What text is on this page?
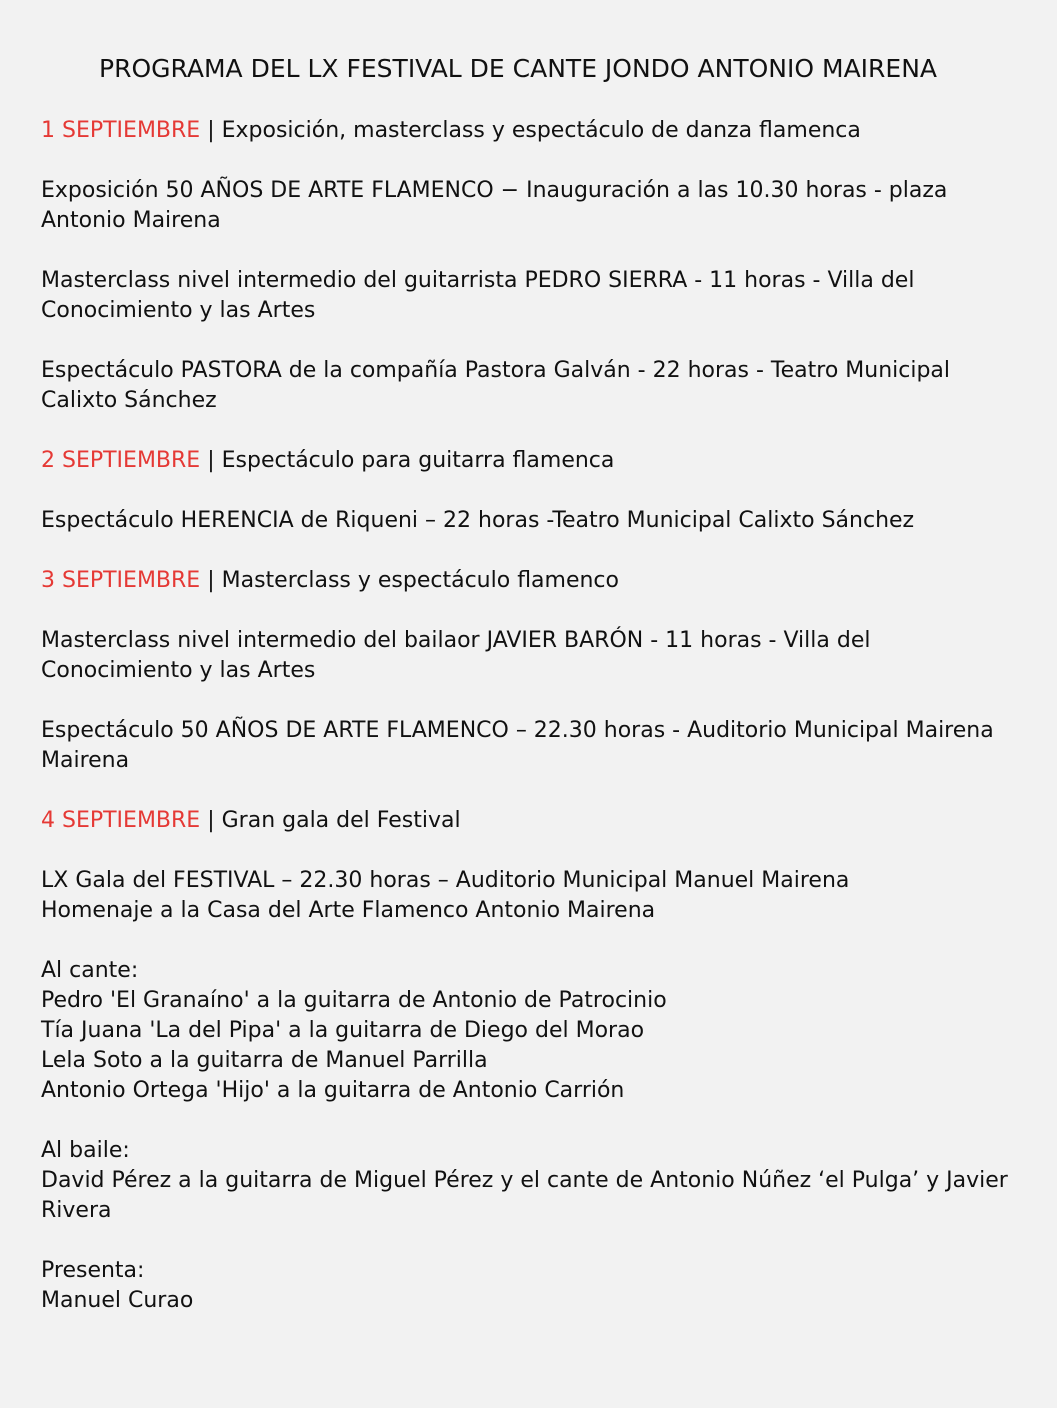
PROGRAMA DEL LX FESTIVAL DE CANTE JONDO ANTONIO MAIRENA

1 SEPTIEMBRE | Exposición, masterclass y espectáculo de danza flamenca

Exposición 50 AÑOS DE ARTE FLAMENCO − Inauguración a las 10.30 horas - plaza
Antonio Mairena

Masterclass nivel intermedio del guitarrista PEDRO SIERRA - 11 horas - Villa del
Conocimiento y las Artes

Espectáculo PASTORA de la compañía Pastora Galván - 22 horas - Teatro Municipal
Calixto Sánchez

2 SEPTIEMBRE | Espectáculo para guitarra flamenca

Espectáculo HERENCIA de Riqueni – 22 horas -Teatro Municipal Calixto Sánchez

3 SEPTIEMBRE | Masterclass y espectáculo flamenco

Masterclass nivel intermedio del bailaor JAVIER BARÓN - 11 horas - Villa del
Conocimiento y las Artes

Espectáculo 50 AÑOS DE ARTE FLAMENCO – 22.30 horas - Auditorio Municipal Mairena
Mairena

4 SEPTIEMBRE | Gran gala del Festival

LX Gala del FESTIVAL – 22.30 horas – Auditorio Municipal Manuel Mairena
Homenaje a la Casa del Arte Flamenco Antonio Mairena

Al cante:
Pedro 'El Granaíno' a la guitarra de Antonio de Patrocinio
Tía Juana 'La del Pipa' a la guitarra de Diego del Morao
Lela Soto a la guitarra de Manuel Parrilla
Antonio Ortega 'Hijo' a la guitarra de Antonio Carrión

Al baile:
David Pérez a la guitarra de Miguel Pérez y el cante de Antonio Núñez ‘el Pulga’ y Javier
Rivera

Presenta:
Manuel Curao
